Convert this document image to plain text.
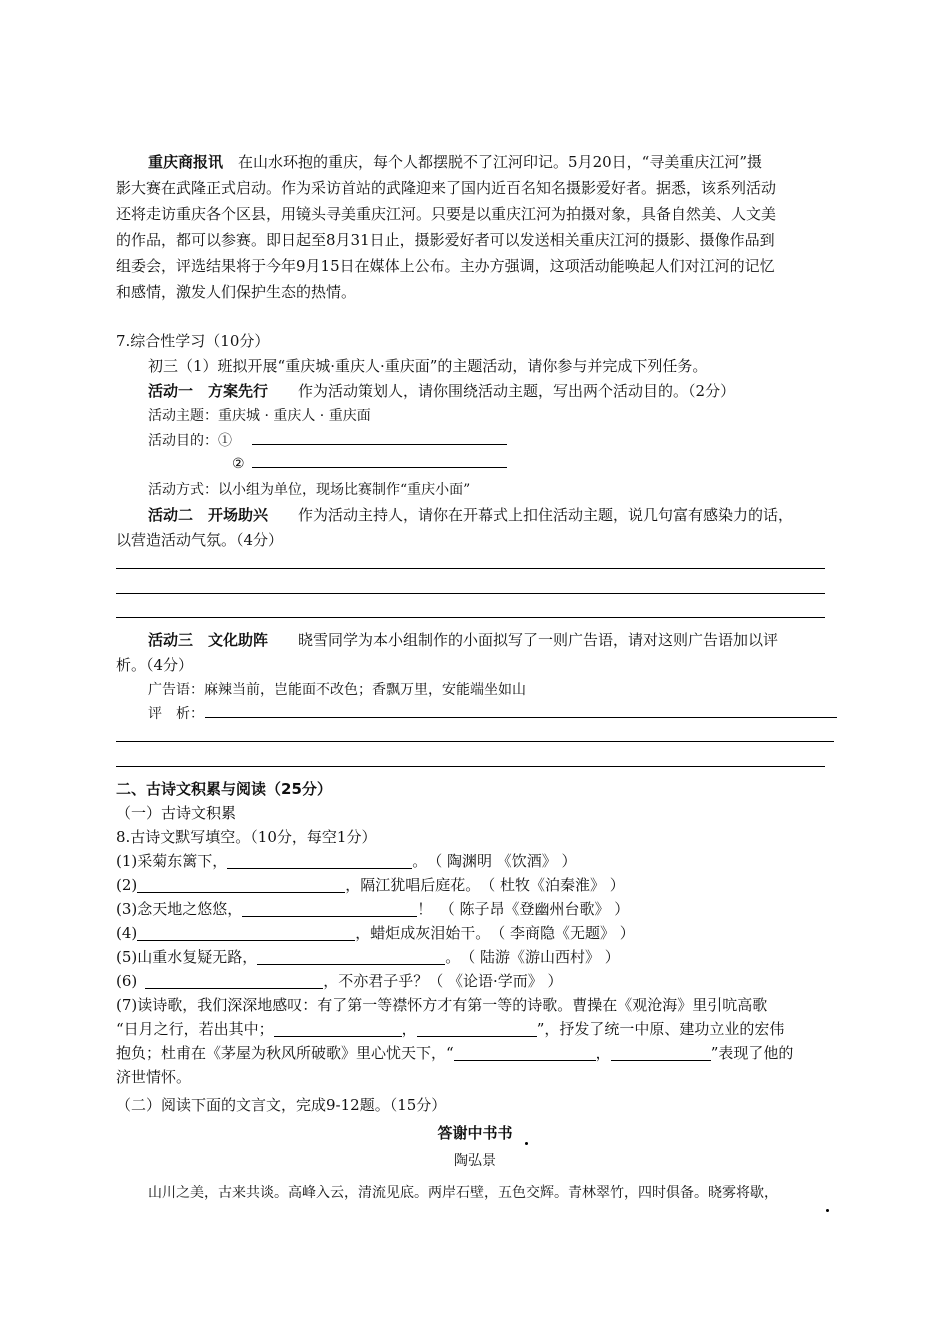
重庆商报讯　 在山水环抱的重庆，每个人都摆脱不了江河印记。5月20日，“寻美重庆江河”摄
影大赛在武隆正式启动。作为采访首站的武隆迎来了国内近百名知名摄影爱好者。据悉，该系列活动
还将走访重庆各个区县，用镜头寻美重庆江河。只要是以重庆江河为拍摄对象，具备自然美、人文美
的作品，都可以参赛。即日起至8月31日止，摄影爱好者可以发送相关重庆江河的摄影、摄像作品到
组委会，评选结果将于今年9月15日在媒体上公布。主办方强调，这项活动能唤起人们对江河的记忆
和感情，激发人们保护生态的热情。
7.综合性学习（10分）
初三（1）班拟开展“重庆城·重庆人·重庆面”的主题活动，请你参与并完成下列任务。
活动一　方案先行　　 作为活动策划人，请你围绕活动主题，写出两个活动目的。（2分）
活动主题：重庆城 · 重庆人 · 重庆面
活动目的：①
②
活动方式：以小组为单位，现场比赛制作“重庆小面”
活动二　开场助兴　　 作为活动主持人，请你在开幕式上扣住活动主题，说几句富有感染力的话，
以营造活动气氛。（4分）
活动三　文化助阵　　 晓雪同学为本小组制作的小面拟写了一则广告语，请对这则广告语加以评
析。（4分）
广告语：麻辣当前，岂能面不改色；香飘万里，安能端坐如山
评　析：
二、古诗文积累与阅读（25分）
（一）古诗文积累
8.古诗文默写填空。（10分，每空1分）
(1)采菊东篱下，	。　（ 陶渊明 《饮酒》 ）
(2)	，隔江犹唱后庭花。　（ 杜牧《泊秦淮》 ）
(3)念天地之悠悠，	！　（ 陈子昂《登幽州台歌》 ）
(4)	，蜡炬成灰泪始干。　（ 李商隐《无题》 ）
(5)山重水复疑无路，	。　（ 陆游《游山西村》 ）
(6)	，不亦君子乎？（ 《论语·学而》 ）
(7)读诗歌，我们深深地感叹：有了第一等襟怀方才有第一等的诗歌。曹操在《观沧海》里引吭高歌
“日月之行，若出其中；	，	”，抒发了统一中原、建功立业的宏伟
抱负；杜甫在《茅屋为秋风所破歌》里心忧天下，“	，	”表现了他的
济世情怀。
（二）阅读下面的文言文，完成9-12题。（15分）
答谢中书书
陶弘景
山川之美，古来共谈。高峰入云，清流见底。两岸石壁，五色交辉。青林翠竹，四时俱备。晓雾将歇，
